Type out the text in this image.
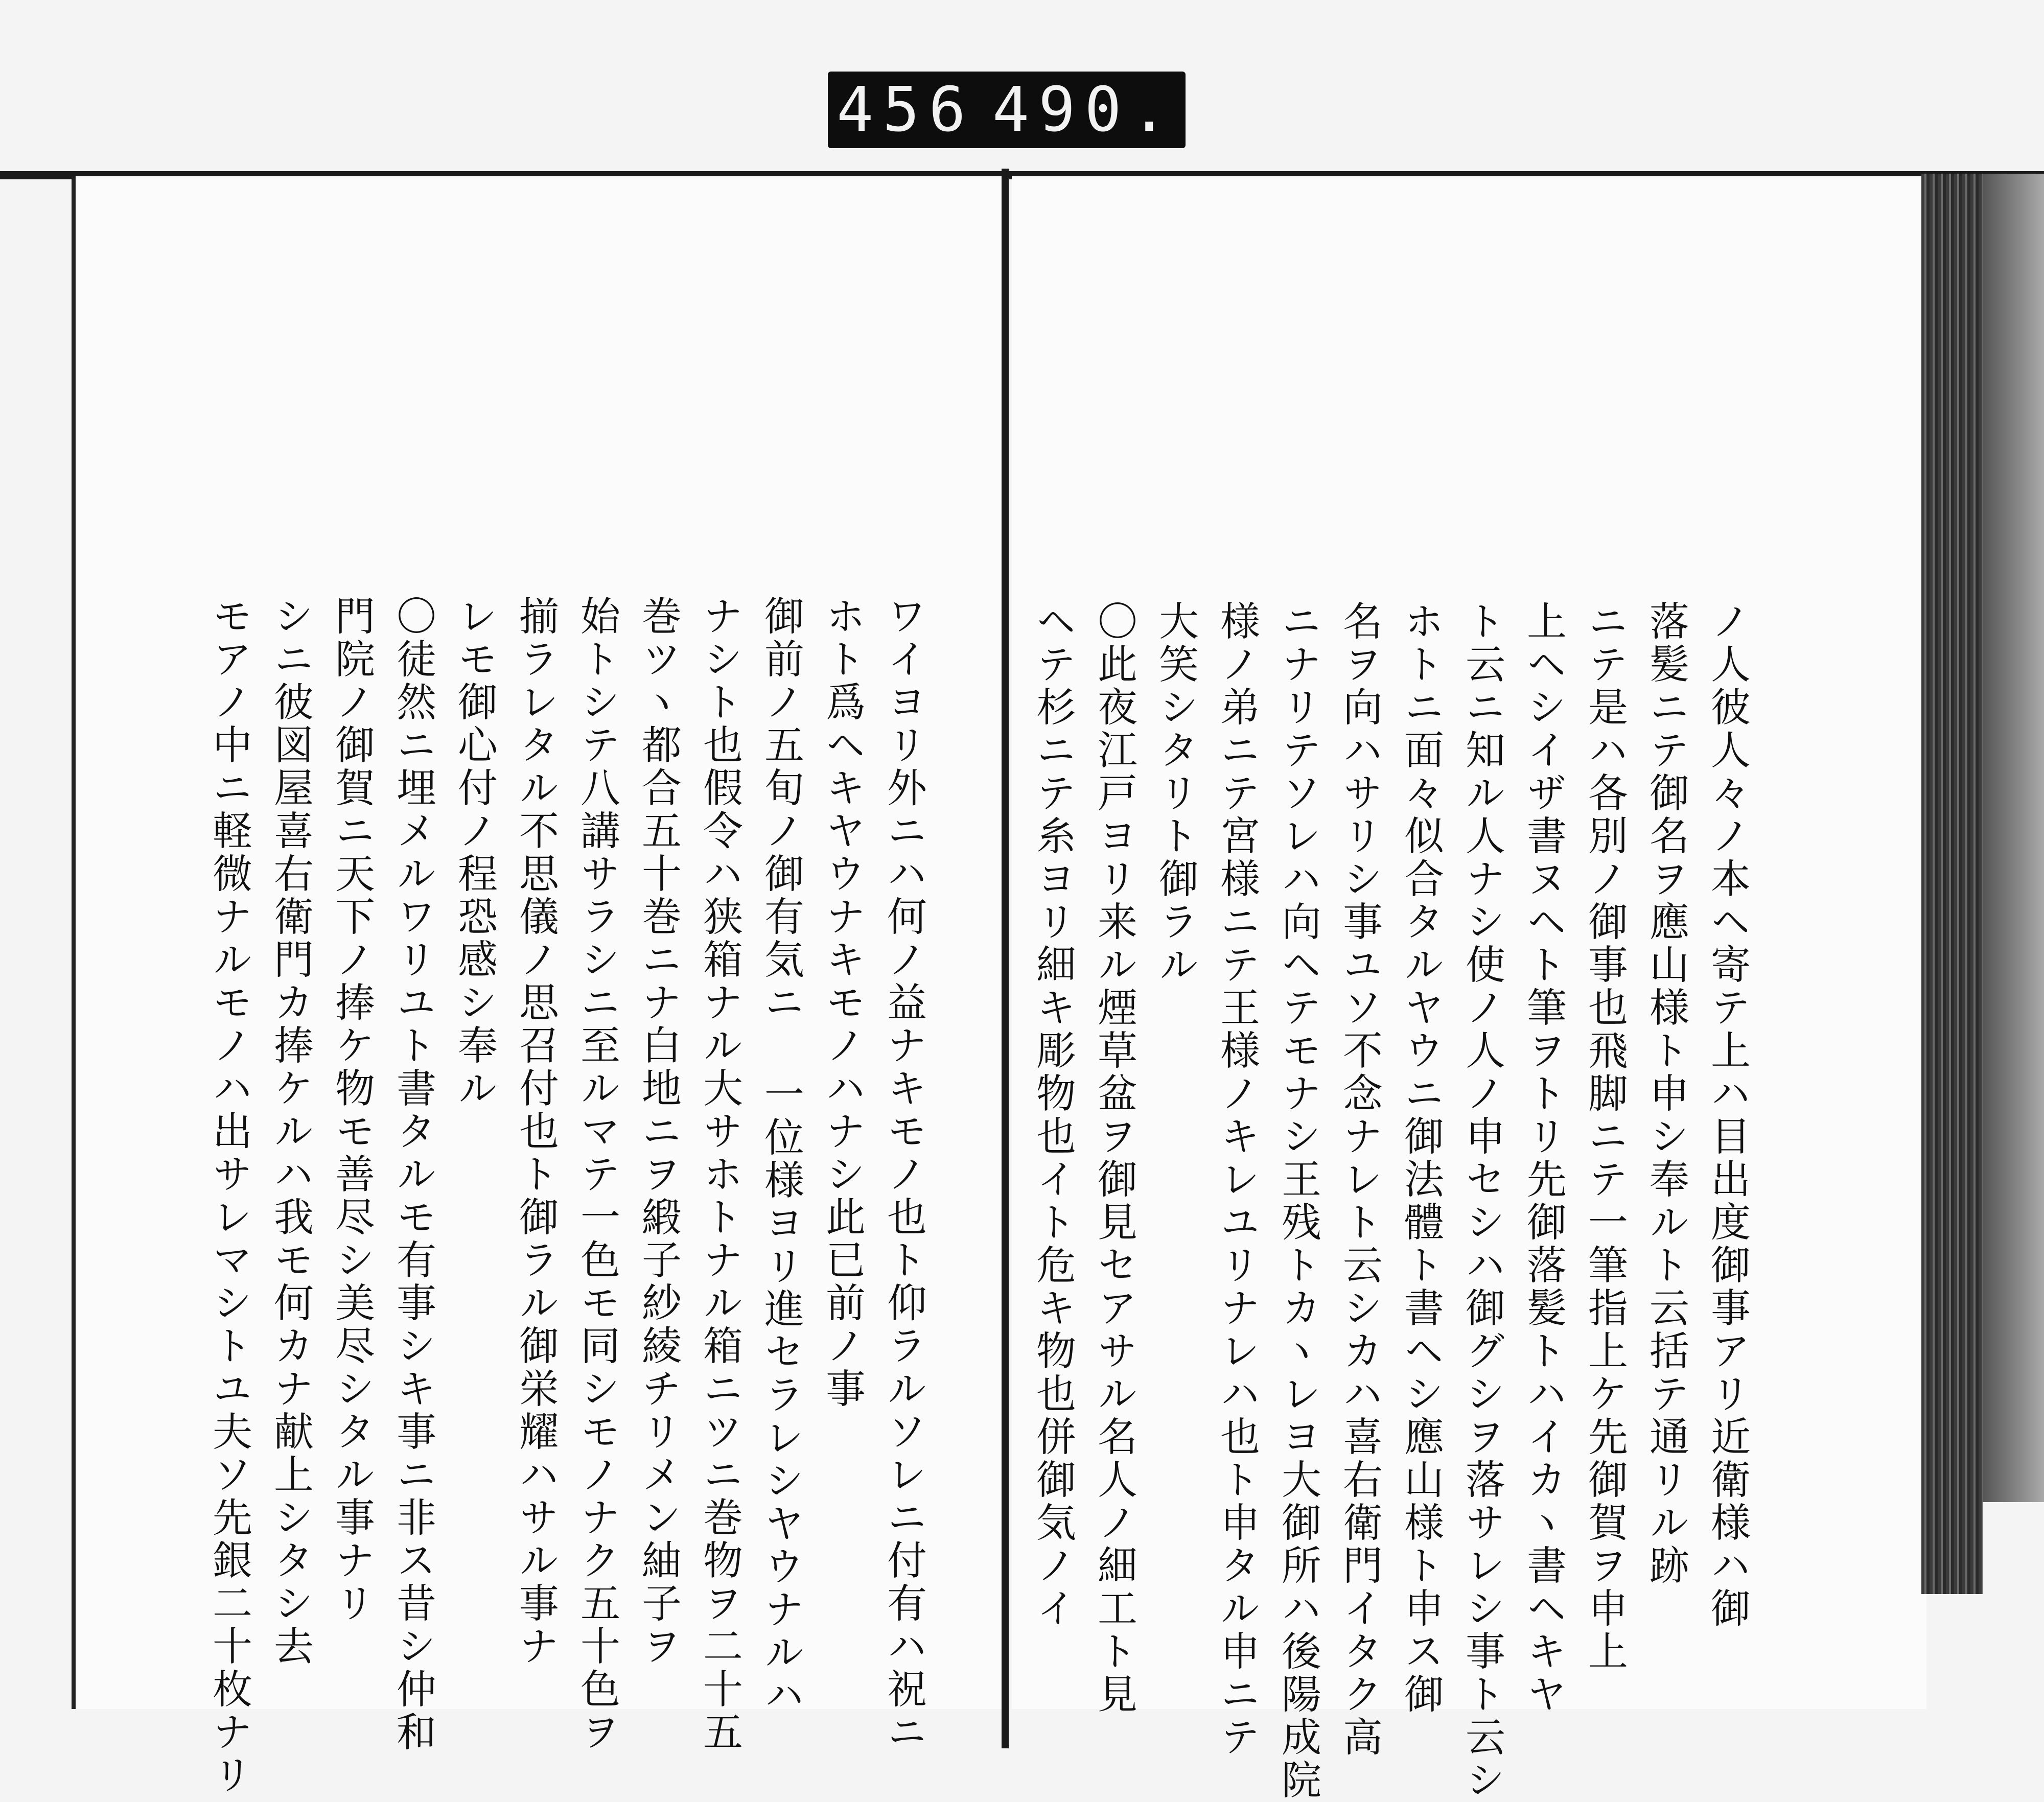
456 490.
ワイヨリ外ニハ何ノ益ナキモノ也ト仰ラルソレニ付有ハ祝ニ
ホト爲ヘキヤウナキモノハナシ此已前ノ事
御前ノ五旬ノ御有気ニ 一位様ヨリ進セラレシヤウナルハ
ナシト也假令ハ狭箱ナル大サホトナル箱ニツニ巻物ヲ二十五
巻ツヽ都合五十巻ニナ白地ニヲ緞子紗綾チリメン紬子ヲ
始トシテ八講サラシニ至ルマテ一色モ同シモノナク五十色ヲ
揃ラレタル不思儀ノ思召付也ト御ラル御栄耀ハサル事ナ
レモ御心付ノ程恐感シ奉ル
〇徒然ニ埋メルワリユト書タルモ有事シキ事ニ非ス昔シ仲和
門院ノ御賀ニ天下ノ捧ケ物モ善尽シ美尽シタル事ナリ
シニ彼図屋喜右衛門カ捧ケルハ我モ何カナ献上シタシ去
モアノ中ニ軽微ナルモノハ出サレマシトユ夫ソ先銀二十枚ナリ	ノ人彼人々ノ本ヘ寄テ上ハ目出度御事アリ近衛様ハ御
落髪ニテ御名ヲ應山様ト申シ奉ルト云括テ通リル跡
ニテ是ハ各別ノ御事也飛脚ニテ一筆指上ケ先御賀ヲ申上
上ヘシイザ書ヌヘト筆ヲトリ先御落髪トハイカヽ書ヘキヤ
ト云ニ知ル人ナシ使ノ人ノ申セシハ御グシヲ落サレシ事ト云シ
ホトニ面々似合タルヤウニ御法體ト書ヘシ應山様ト申ス御
名ヲ向ハサリシ事ユソ不念ナレト云シカハ喜右衛門イタク高
ニナリテソレハ向ヘテモナシ王残トカヽレヨ大御所ハ後陽成院
様ノ弟ニテ宮様ニテ王様ノキレユリナレハ也ト申タル申ニテ
大笑シタリト御ラル
〇此夜江戸ヨリ来ル煙草盆ヲ御見セアサル名人ノ細工ト見
ヘテ杉ニテ糸ヨリ細キ彫物也イト危キ物也併御気ノイ
